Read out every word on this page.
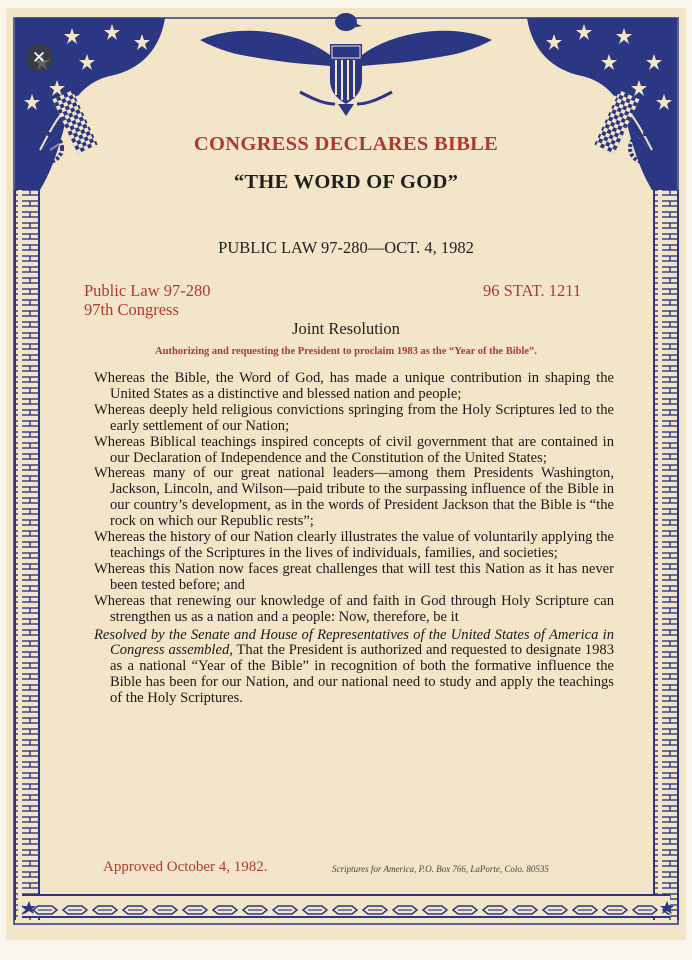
✕
CONGRESS DECLARES BIBLE
“THE WORD OF GOD”
PUBLIC LAW 97-280—OCT. 4, 1982
Public Law 97-280
97th Congress
96 STAT. 1211
Joint Resolution
Authorizing and requesting the President to proclaim 1983 as the “Year of the Bible”.

Whereas the Bible, the Word of God, has made a unique contribution in shaping the United States as a distinctive and blessed nation and people;

Whereas deeply held religious convictions springing from the Holy Scriptures led to the early settlement of our Nation;

Whereas Biblical teachings inspired concepts of civil government that are contained in our Declaration of Independence and the Constitution of the United States;

Whereas many of our great national leaders—among them Presidents Washington, Jackson, Lincoln, and Wilson—paid tribute to the surpassing influence of the Bible in our country’s development, as in the words of President Jackson that the Bible is “the rock on which our Republic rests”;

Whereas the history of our Nation clearly illustrates the value of voluntarily applying the teachings of the Scriptures in the lives of individuals, families, and societies;

Whereas this Nation now faces great challenges that will test this Nation as it has never been tested before; and

Whereas that renewing our knowledge of and faith in God through Holy Scripture can strengthen us as a nation and a people: Now, therefore, be it

Resolved by the Senate and House of Representatives of the United States of America in Congress assembled, That the President is authorized and requested to designate 1983 as a national “Year of the Bible” in recognition of both the formative influence the Bible has been for our Nation, and our national need to study and apply the teachings of the Holy Scriptures.

Approved October 4, 1982.	Scriptures for America, P.O. Box 766, LaPorte, Colo. 80535
